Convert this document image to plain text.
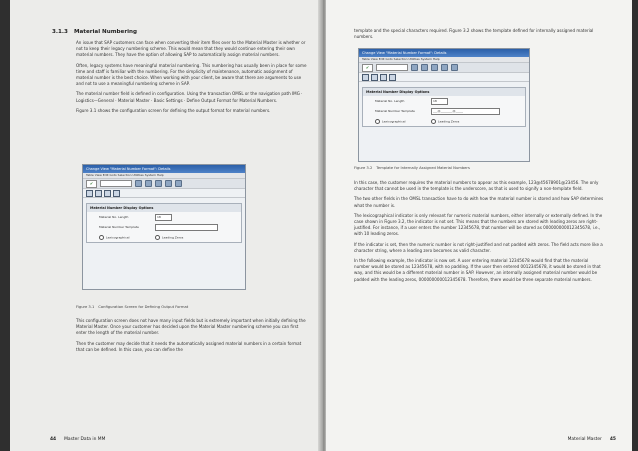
3.1.3 Material Numbering

An issue that SAP customers can face when converting their item files over to the Material Master is whether or not to keep their legacy numbering scheme. This would mean that they would continue entering their own material numbers. They have the option of allowing SAP to automatically assign material numbers.

Often, legacy systems have meaningful material numbering. This numbering has usually been in place for some time and staff is familiar with the numbering. For the simplicity of maintenance, automatic assignment of material number is the best choice. When working with your client, be aware that there are arguments to use and not to use a meaningful numbering scheme in SAP.

The material number field is defined in configuration. Using the transaction OMSL or the navigation path IMG · Logistics—General · Material Master · Basic Settings · Define Output Format for Material Numbers.

Figure 3.1 shows the configuration screen for defining the output format for material numbers.

Change View "Material Number Format": Details
Table View Edit Goto Selection Utilities System Help
✔
Material Number Display Options
Material No. Length	18
Material Number Template
Lexicographical	Leading Zeros
Figure 3.1 Configuration Screen for Defining Output Format

This configuration screen does not have many input fields but is extremely important when initially defining the Material Master. Once your customer has decided upon the Material Master numbering scheme you can first enter the length of the material number.

Then the customer may decide that it needs the automatically assigned material numbers in a certain format that can be defined. In this case, you can define the

44 Master Data in MM
template and the special characters required. Figure 3.2 shows the template defined for internally assigned material numbers.
Change View "Material Number Format": Details
Table View Edit Goto Selection Utilities System Help
✔
Material Number Display Options
Material No. Length	18
Material Number Template	___@________@_____
Lexicographical	Leading Zeros
Figure 3.2 Template for Internally Assigned Material Numbers

In this case, the customer requires the material numbers to appear as this example, 123@45678901@23456. The only character that cannot be used in the template is the underscore, as that is used to signify a non-template field.

The two other fields in the OMSL transaction have to do with how the material number is stored and how SAP determines what the number is.

The lexicographical indicator is only relevant for numeric material numbers, either internally or externally defined. In the case shown in Figure 3.2, the indicator is not set. This means that the numbers are stored with leading zeros are right-justified. For instance, if a user enters the number 12345678, that number will be stored as 000000000012345678, i.e., with 10 leading zeros.

If the indicator is set, then the numeric number is not right-justified and not padded with zeros. The field acts more like a character string, where a leading zero becomes as valid character.

In the following example, the indicator is now set. A user entering material 12345678 would find that the material number would be stored as 12345678, with no padding. If the user then entered 0012345678, it would be stored in that way, and this would be a different material number in SAP. However, an internally assigned material number would be padded with the leading zeros, 000000000012345678. Therefore, there would be three separate material numbers.

Material Master 45
